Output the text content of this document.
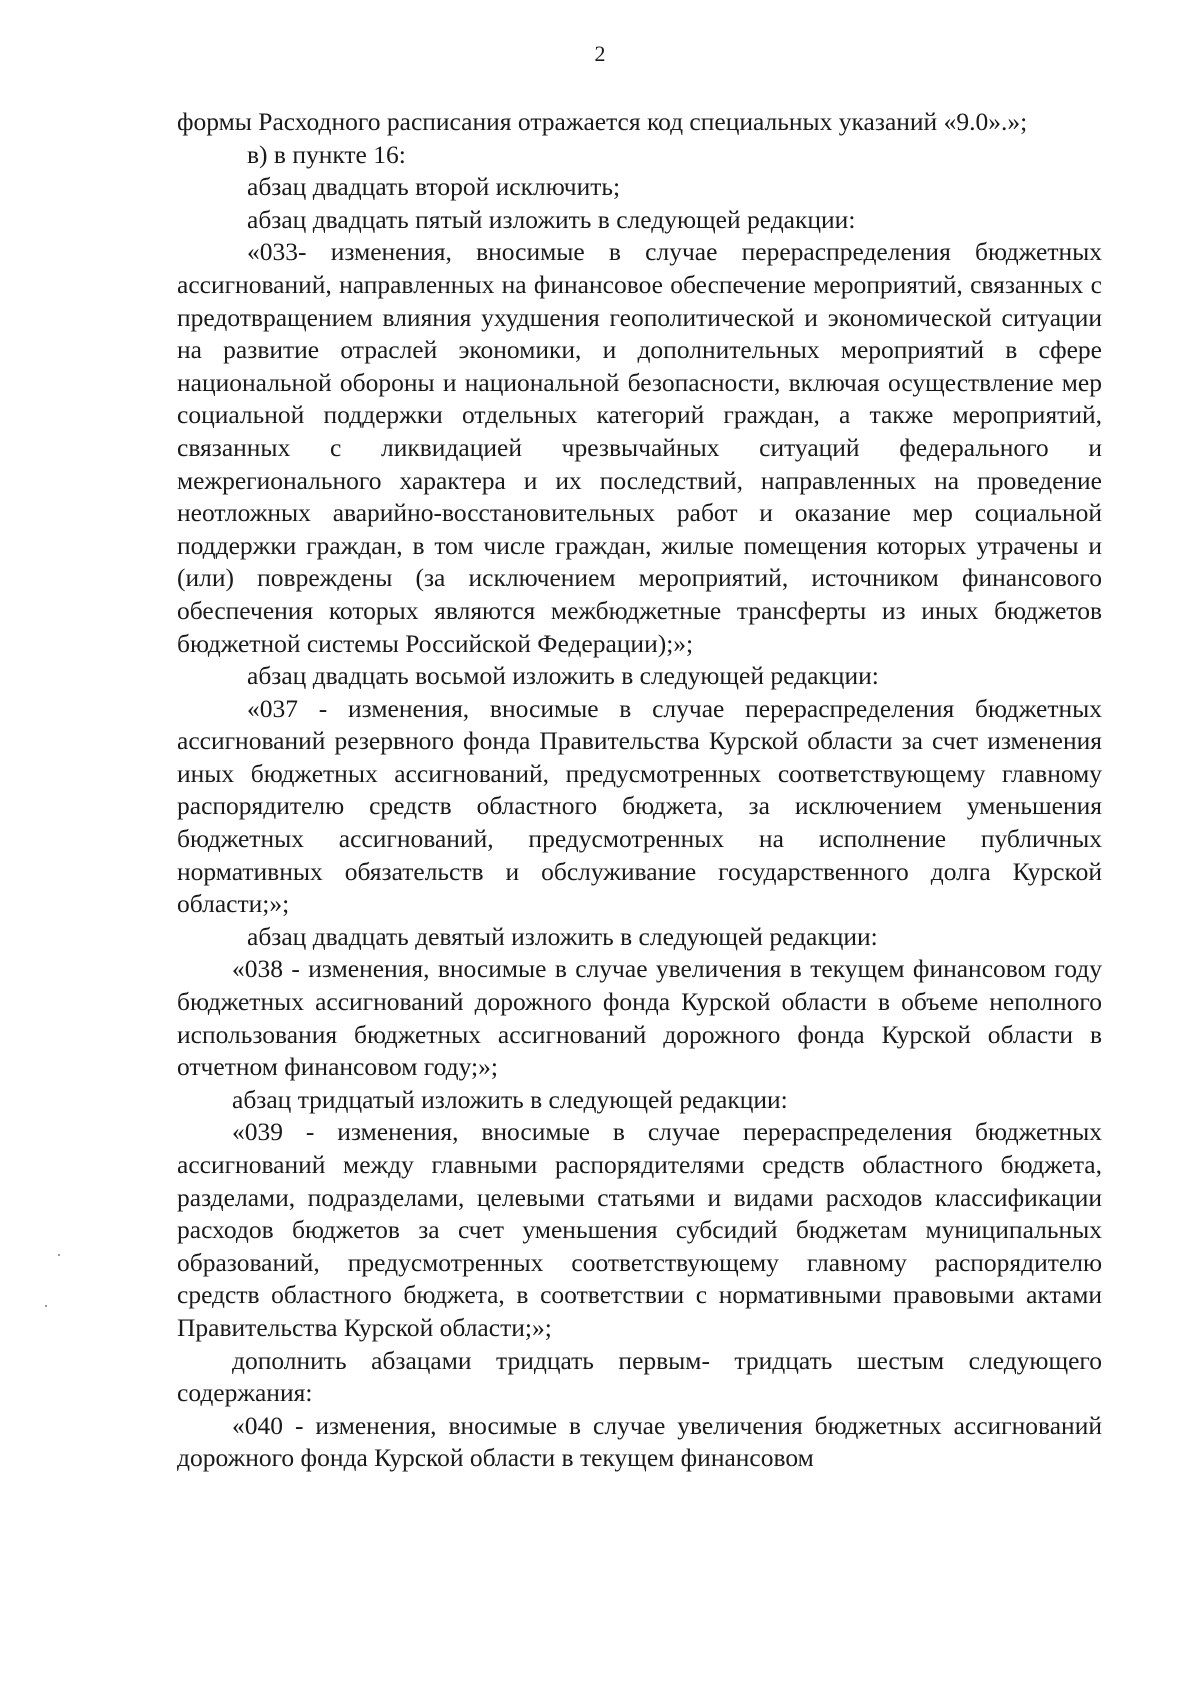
2

формы Расходного расписания отражается код специальных указаний «9.0».»;

в) в пункте 16:

абзац двадцать второй исключить;

абзац двадцать пятый изложить в следующей редакции:

«033- изменения, вносимые в случае перераспределения бюджетных ассигнований, направленных на финансовое обеспечение мероприятий, связанных с предотвращением влияния ухудшения геополитической и экономической ситуации на развитие отраслей экономики, и дополнительных мероприятий в сфере национальной обороны и национальной безопасности, включая осуществление мер социальной поддержки отдельных категорий граждан, а также мероприятий, связанных с ликвидацией чрезвычайных ситуаций федерального и межрегионального характера и их последствий, направленных на проведение неотложных аварийно-восстановительных работ и оказание мер социальной поддержки граждан, в том числе граждан, жилые помещения которых утрачены и (или) повреждены (за исключением мероприятий, источником финансового обеспечения которых являются межбюджетные трансферты из иных бюджетов бюджетной системы Российской Федерации);»;

абзац двадцать восьмой изложить в следующей редакции:

«037 - изменения, вносимые в случае перераспределения бюджетных ассигнований резервного фонда Правительства Курской области за счет изменения иных бюджетных ассигнований, предусмотренных соответствующему главному распорядителю средств областного бюджета, за исключением уменьшения бюджетных ассигнований, предусмотренных на исполнение публичных нормативных обязательств и обслуживание государственного долга Курской области;»;

абзац двадцать девятый изложить в следующей редакции:

«038 - изменения, вносимые в случае увеличения в текущем финансовом году бюджетных ассигнований дорожного фонда Курской области в объеме неполного использования бюджетных ассигнований дорожного фонда Курской области в отчетном финансовом году;»;

абзац тридцатый изложить в следующей редакции:

«039 - изменения, вносимые в случае перераспределения бюджетных ассигнований между главными распорядителями средств областного бюджета, разделами, подразделами, целевыми статьями и видами расходов классификации расходов бюджетов за счет уменьшения субсидий бюджетам муниципальных образований, предусмотренных соответствующему главному распорядителю средств областного бюджета, в соответствии с нормативными правовыми актами Правительства Курской области;»;

дополнить абзацами тридцать первым- тридцать шестым следующего содержания:

«040 - изменения, вносимые в случае увеличения бюджетных ассигнований дорожного фонда Курской области в текущем финансовом
